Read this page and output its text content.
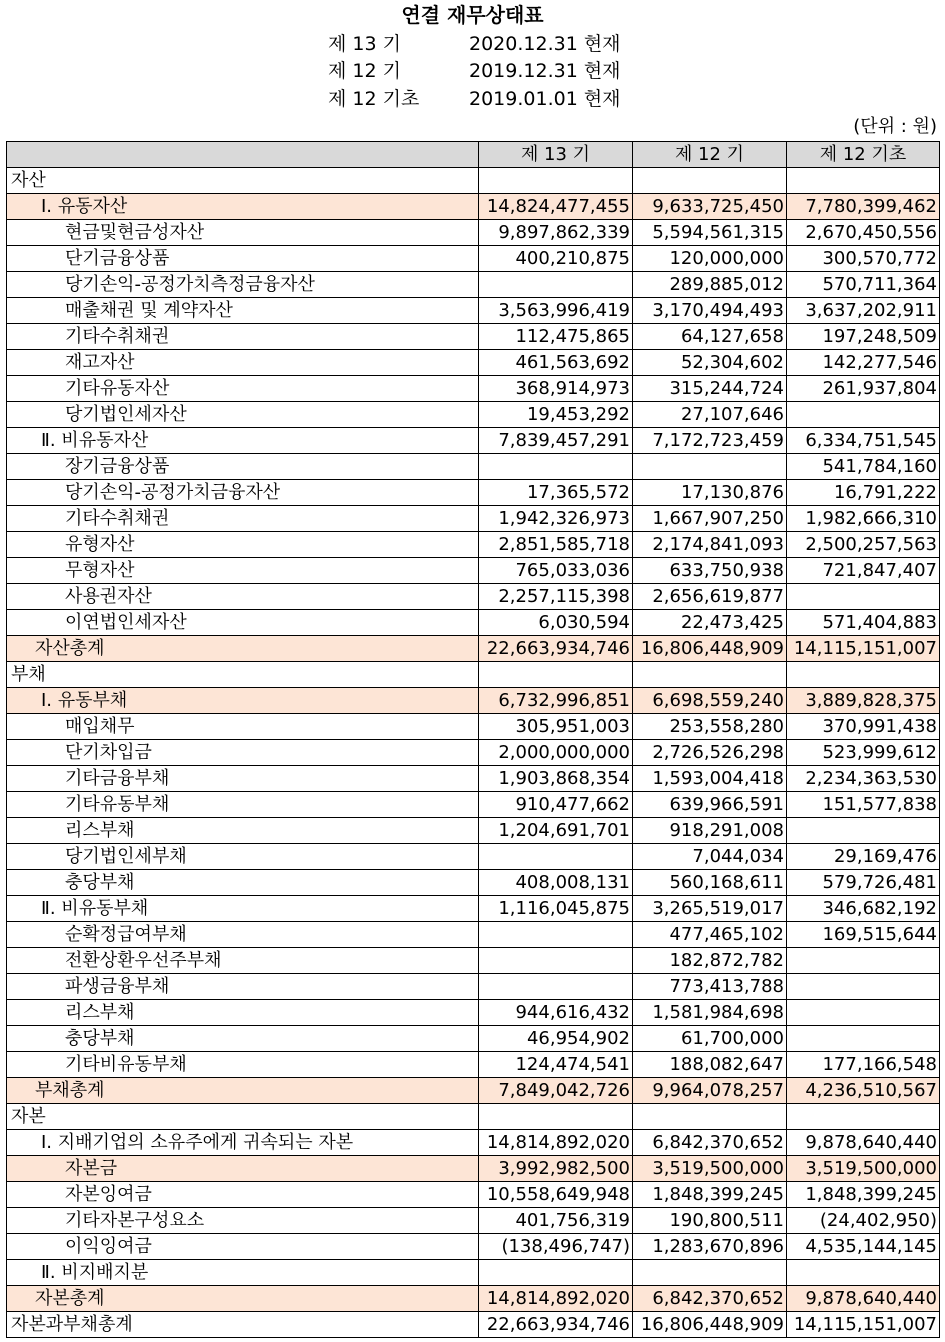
연결 재무상태표
제 13 기	2020.12.31 현재
제 12 기	2019.12.31 현재
제 12 기초	2019.01.01 현재
(단위 : 원)
	제 13 기	제 12 기	제 12 기초
자산			
Ⅰ. 유동자산	14,824,477,455	9,633,725,450	7,780,399,462
현금및현금성자산	9,897,862,339	5,594,561,315	2,670,450,556
단기금융상품	400,210,875	120,000,000	300,570,772
당기손익-공정가치측정금융자산		289,885,012	570,711,364
매출채권 및 계약자산	3,563,996,419	3,170,494,493	3,637,202,911
기타수취채권	112,475,865	64,127,658	197,248,509
재고자산	461,563,692	52,304,602	142,277,546
기타유동자산	368,914,973	315,244,724	261,937,804
당기법인세자산	19,453,292	27,107,646	
Ⅱ. 비유동자산	7,839,457,291	7,172,723,459	6,334,751,545
장기금융상품			541,784,160
당기손익-공정가치금융자산	17,365,572	17,130,876	16,791,222
기타수취채권	1,942,326,973	1,667,907,250	1,982,666,310
유형자산	2,851,585,718	2,174,841,093	2,500,257,563
무형자산	765,033,036	633,750,938	721,847,407
사용권자산	2,257,115,398	2,656,619,877	
이연법인세자산	6,030,594	22,473,425	571,404,883
자산총계	22,663,934,746	16,806,448,909	14,115,151,007
부채			
Ⅰ. 유동부채	6,732,996,851	6,698,559,240	3,889,828,375
매입채무	305,951,003	253,558,280	370,991,438
단기차입금	2,000,000,000	2,726,526,298	523,999,612
기타금융부채	1,903,868,354	1,593,004,418	2,234,363,530
기타유동부채	910,477,662	639,966,591	151,577,838
리스부채	1,204,691,701	918,291,008	
당기법인세부채		7,044,034	29,169,476
충당부채	408,008,131	560,168,611	579,726,481
Ⅱ. 비유동부채	1,116,045,875	3,265,519,017	346,682,192
순확정급여부채		477,465,102	169,515,644
전환상환우선주부채		182,872,782	
파생금융부채		773,413,788	
리스부채	944,616,432	1,581,984,698	
충당부채	46,954,902	61,700,000	
기타비유동부채	124,474,541	188,082,647	177,166,548
부채총계	7,849,042,726	9,964,078,257	4,236,510,567
자본			
Ⅰ. 지배기업의 소유주에게 귀속되는 자본	14,814,892,020	6,842,370,652	9,878,640,440
자본금	3,992,982,500	3,519,500,000	3,519,500,000
자본잉여금	10,558,649,948	1,848,399,245	1,848,399,245
기타자본구성요소	401,756,319	190,800,511	(24,402,950)
이익잉여금	(138,496,747)	1,283,670,896	4,535,144,145
Ⅱ. 비지배지분			
자본총계	14,814,892,020	6,842,370,652	9,878,640,440
자본과부채총계	22,663,934,746	16,806,448,909	14,115,151,007
